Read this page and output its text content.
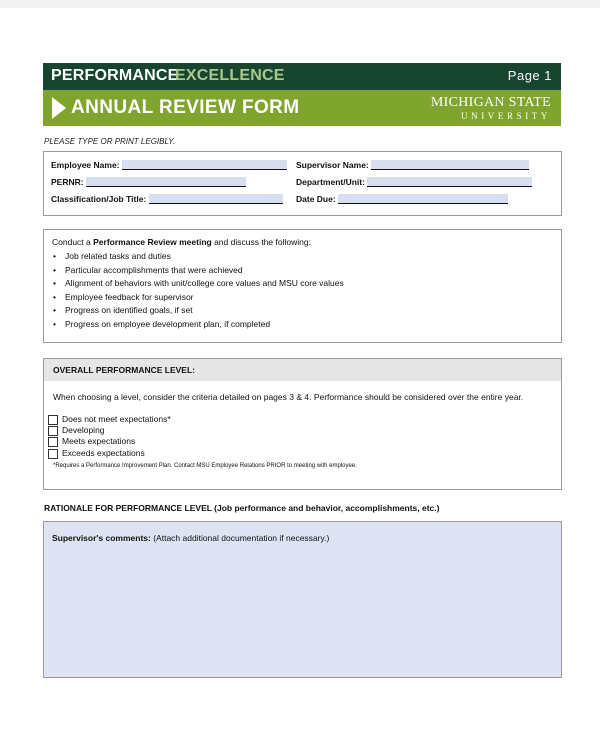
PERFORMANCE
EXCELLENCE	Page 1
ANNUAL REVIEW FORM	MICHIGAN STATE
UNIVERSITY
PLEASE TYPE OR PRINT LEGIBLY.
Employee Name:
PERNR:
Classification/Job Title:
Supervisor Name:
Department/Unit:
Date Due:
Conduct a Performance Review meeting and discuss the following:
• Job related tasks and duties
• Particular accomplishments that were achieved
• Alignment of behaviors with unit/college core values and MSU core values
• Employee feedback for supervisor
• Progress on identified goals, if set
• Progress on employee development plan, if completed
OVERALL PERFORMANCE LEVEL:
When choosing a level, consider the criteria detailed on pages 3 & 4. Performance should be considered over the entire year.
Does not meet expectations*
Developing
Meets expectations
Exceeds expectations
*Requires a Performance Improvement Plan. Contact MSU Employee Relations PRIOR to meeting with employee.
RATIONALE FOR PERFORMANCE LEVEL (Job performance and behavior, accomplishments, etc.)
Supervisor's comments: (Attach additional documentation if necessary.)
